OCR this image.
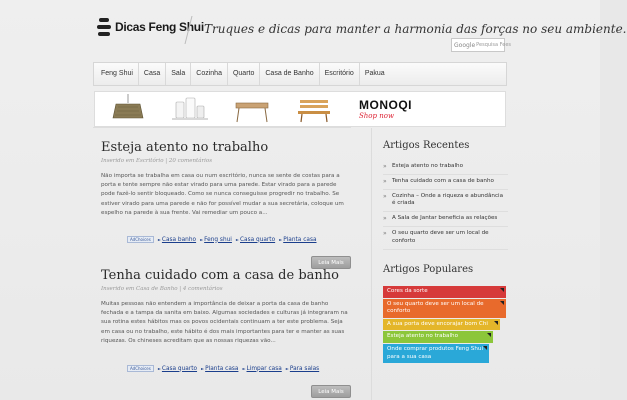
Dicas Feng Shui Truques e dicas para manter a harmonia das forças no seu ambiente.
Google Pesquisa Fees
Feng Shui	Casa	Sala	Cozinha	Quarto	Casa de Banho	Escritório	Pakua
MONOQI
Shop now
Esteja atento no trabalho
Inserido em Escritório | 20 comentários
Não importa se trabalha em casa ou num escritório, nunca se sente de costas para a porta e tente sempre não estar virado para uma parede. Estar virado para a parede pode fazê-lo sentir bloqueado. Como se nunca conseguisse progredir no trabalho. Se estiver virado para uma parede e não for possível mudar a sua secretária, coloque um espelho na parede à sua frente. Vai remediar um pouco a...
AdChoices	► Casa banho	► Feng shui	► Casa quarto	► Planta casa
Leia Mais
Tenha cuidado com a casa de banho
Inserido em Casa de Banho | 4 comentários
Muitas pessoas não entendem a importância de deixar a porta da casa de banho fechada e a tampa da sanita em baixo. Algumas sociedades e culturas já integraram na sua rotina estes hábitos mas os povos ocidentais continuam a ter este problema. Seja em casa ou no trabalho, este hábito é dos mais importantes para ter e manter as suas riquezas. Os chineses acreditam que as nossas riquezas vão...
AdChoices	► Casa quarto	► Planta casa	► Limpar casa	► Para salas
Leia Mais
Artigos Recentes
» Esteja atento no trabalho
» Tenha cuidado com a casa de banho
» Cozinha – Onde a riqueza e abundância é criada
» A Sala de Jantar beneficia as relações
» O seu quarto deve ser um local de conforto
Artigos Populares
Cores da sorte
O seu quarto deve ser um local de conforto
A sua porta deve encorajar bom Chi
Esteja atento no trabalho
Onde comprar produtos Feng Shui para a sua casa
